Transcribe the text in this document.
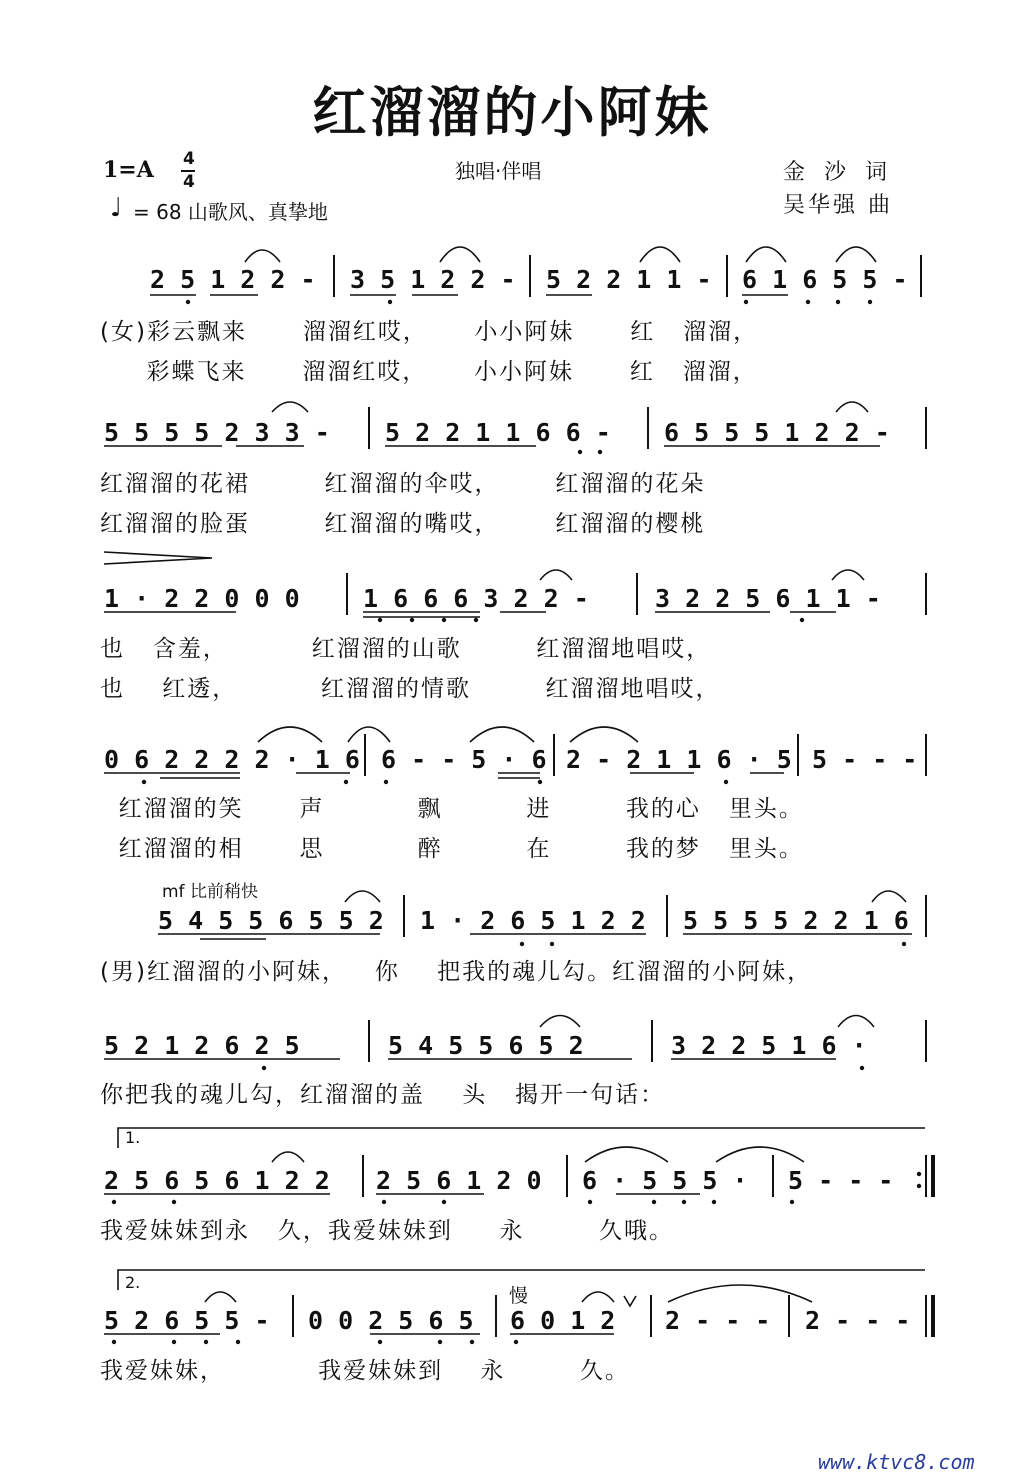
红溜溜的小阿妹
1=A 4
4	独唱·伴唱	金 沙 词
吴华强 曲
♩ = 68 山歌风、真挚地
2 5 1 2 2 - 3 5 1 2 2 - 5 2 2 1 1 - 6 1 6 5 5 -
(女)彩云飘来      溜溜红哎，     小小阿妹      红   溜溜，
彩蝶飞来      溜溜红哎，     小小阿妹      红   溜溜，
5 5 5 5 2 3 3 - 5 2 2 1 1 6 6 - 6 5 5 5 1 2 2 -
红溜溜的花裙        红溜溜的伞哎，      红溜溜的花朵
红溜溜的脸蛋        红溜溜的嘴哎，      红溜溜的樱桃
1 · 2 2 0 0 0	1 6 6 6 3 2 2 -	3 2 2 5 6 1 1 -
也   含羞，         红溜溜的山歌        红溜溜地唱哎，
也    红透，         红溜溜的情歌        红溜溜地唱哎，
0 6 2 2 2 2 · 1 6 6 - - 5 · 6 2 - 2 1 1 6 · 5 5 - - -
红溜溜的笑      声          飘         进        我的心   里头。
红溜溜的相      思          醉         在        我的梦   里头。
mf 比前稍快
5 4 5 5 6 5 5 2 1 · 2 6 5 1 2 2 5 5 5 5 2 2 1 6
(男)红溜溜的小阿妹，   你    把我的魂儿勾。红溜溜的小阿妹，
5 2 1 2 6 2 5	5 4 5 5 6 5 2	3 2 2 5 1 6 ·
你把我的魂儿勾，红溜溜的盖    头   揭开一句话：
1.
2 5 6 5 6 1 2 2 2 5 6 1 2 0 6 · 5 5 5 · 5 - - -
我爱妹妹到永   久，我爱妹妹到     永        久哦。
2.
慢
5 2 6 5 5 - 0 0 2 5 6 5 6 0 1 2 2 - - - 2 - - -
我爱妹妹，          我爱妹妹到    永        久。
www.ktvc8.com
